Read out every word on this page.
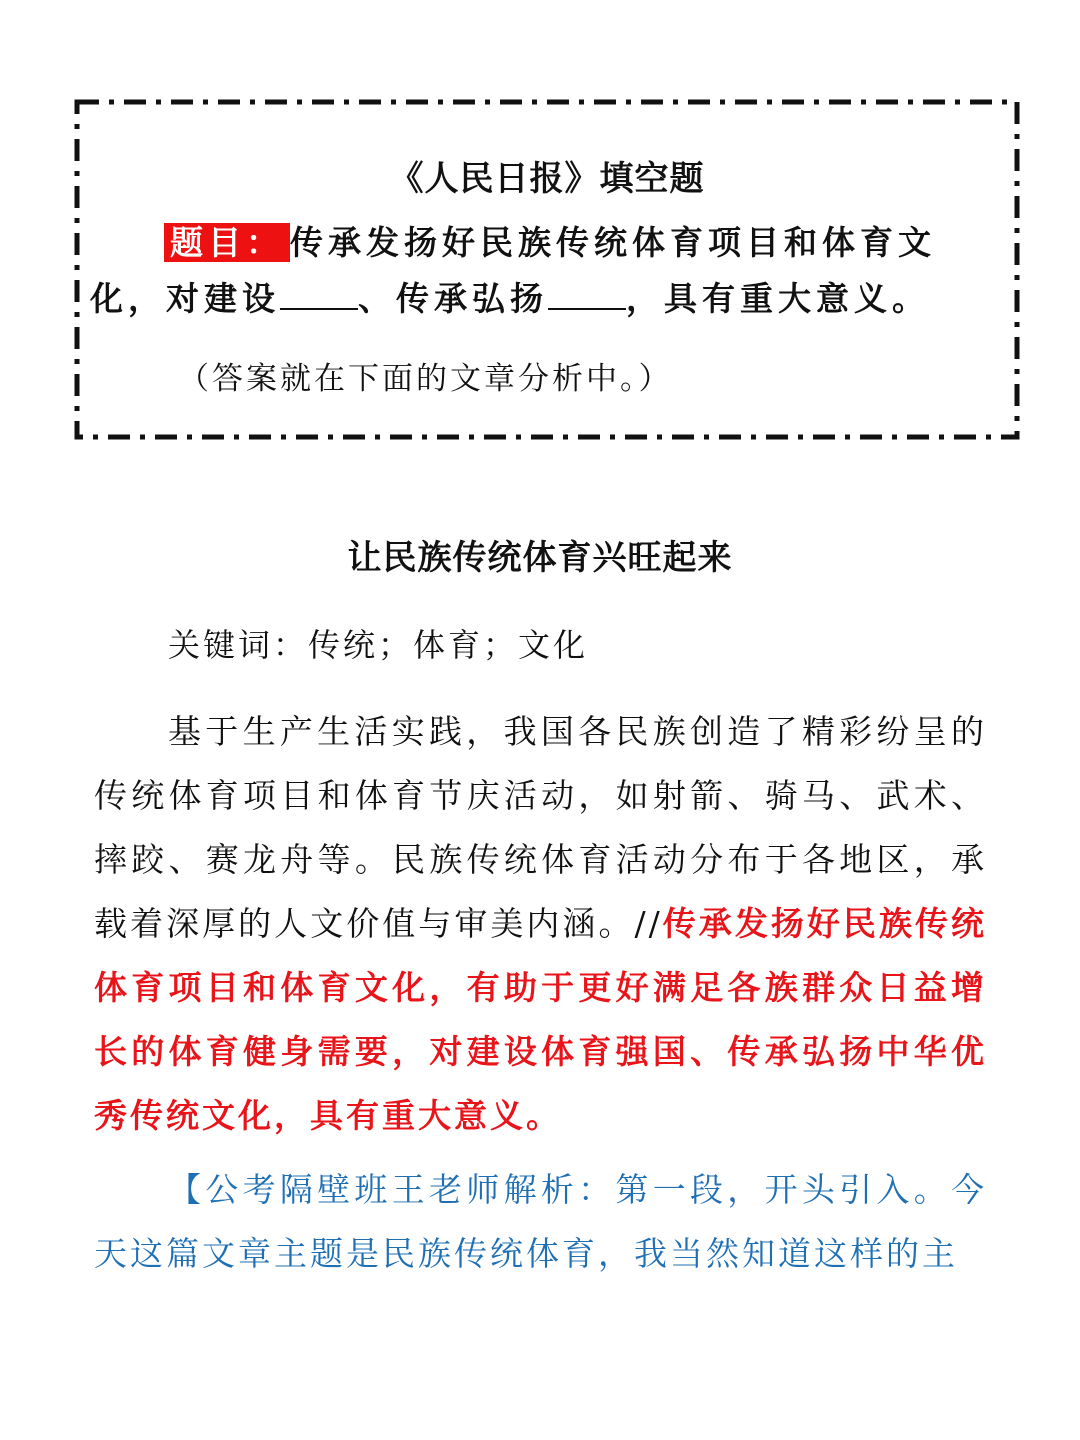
《人民日报》填空题
题目： 传承发扬好民族传统体育项目和体育文化，对建设 、传承弘扬 ，具有重大意义。
（答案就在下面的文章分析中。）
让民族传统体育兴旺起来
关键词：传统；体育；文化
基于生产生活实践，我国各民族创造了精彩纷呈的传统体育项目和体育节庆活动，如射箭、骑马、武术、摔跤、赛龙舟等。民族传统体育活动分布于各地区，承载着深厚的人文价值与审美内涵。//传承发扬好民族传统体育项目和体育文化，有助于更好满足各族群众日益增长的体育健身需要，对建设体育强国、传承弘扬中华优秀传统文化，具有重大意义。
【公考隔壁班王老师解析：第一段，开头引入。今天这篇文章主题是民族传统体育，我当然知道这样的主
